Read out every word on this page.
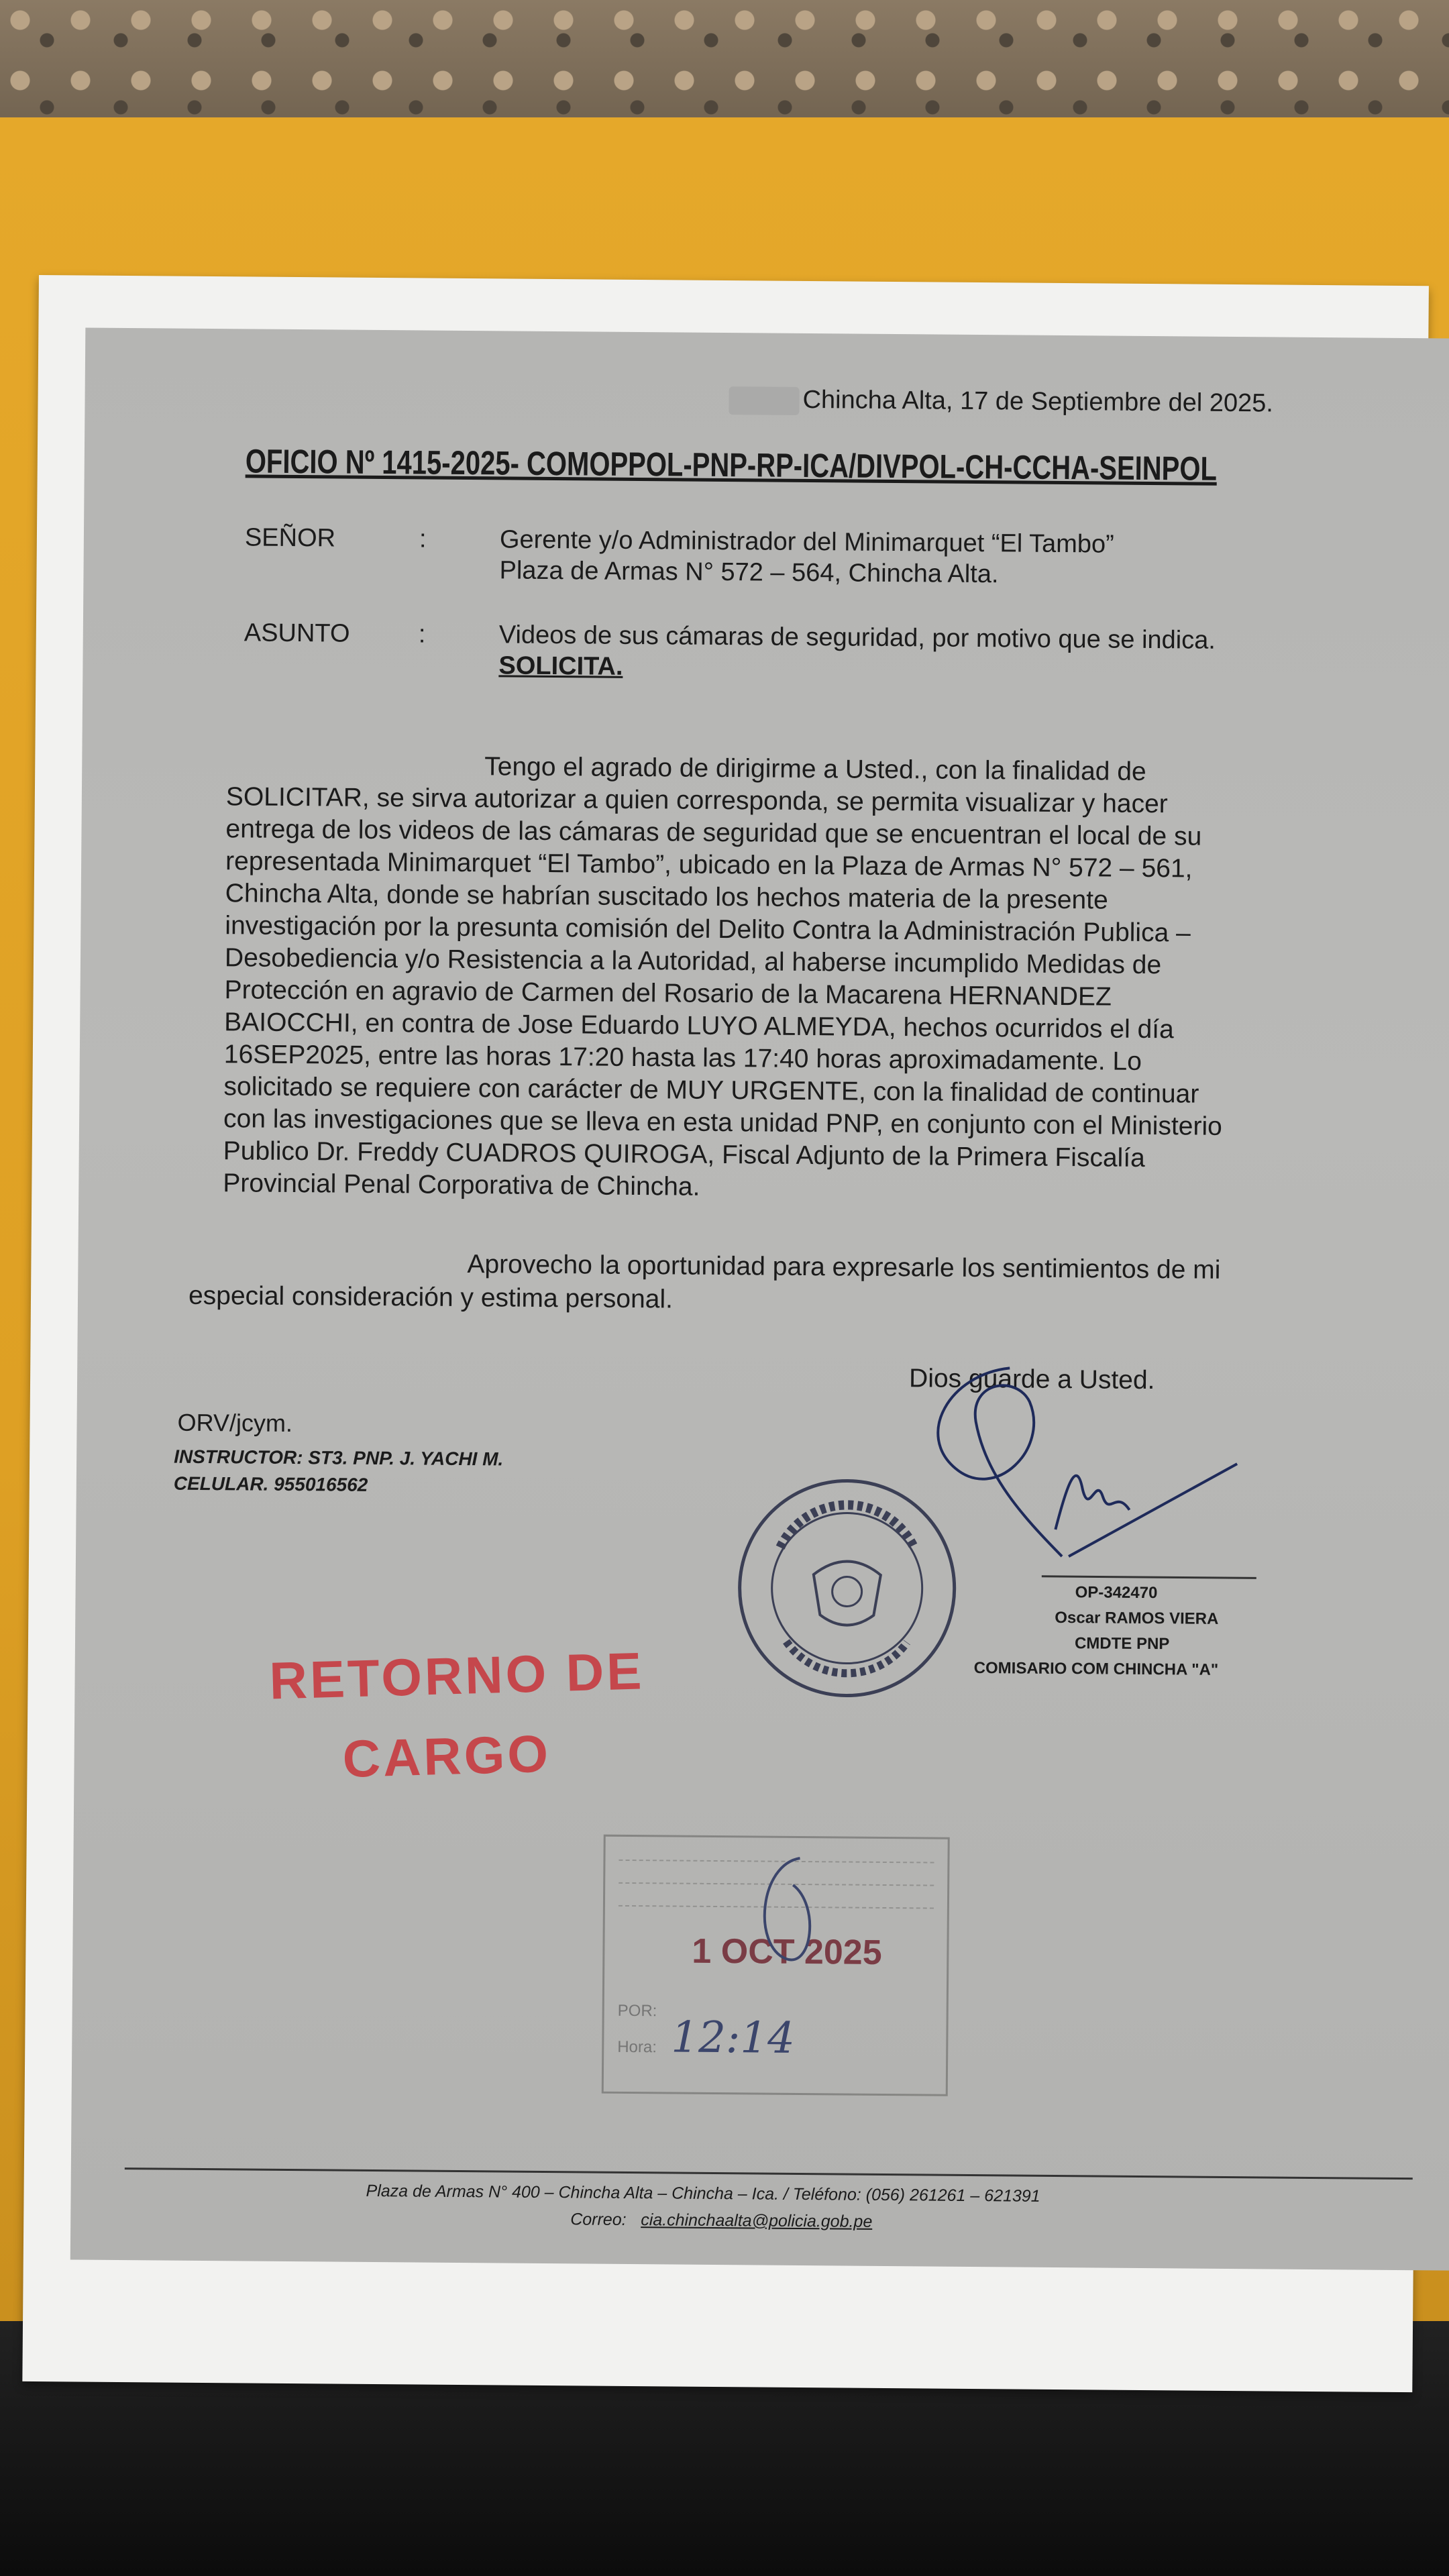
Chincha Alta, 17 de Septiembre del 2025.
OFICIO Nº 1415-2025- COMOPPOL-PNP-RP-ICA/DIVPOL-CH-CCHA-SEINPOL
SEÑOR	:	Gerente y/o Administrador del Minimarquet “El Tambo”
Plaza de Armas N° 572 – 564, Chincha Alta.
ASUNTO	:	Videos de sus cámaras de seguridad, por motivo que se indica.
SOLICITA.
Tengo el agrado de dirigirme a Usted., con la finalidad de
SOLICITAR, se sirva autorizar a quien corresponda, se permita visualizar y hacer
entrega de los videos de las cámaras de seguridad que se encuentran el local de su
representada Minimarquet “El Tambo”, ubicado en la Plaza de Armas N° 572 – 561,
Chincha Alta, donde se habrían suscitado los hechos materia de la presente
investigación por la presunta comisión del Delito Contra la Administración Publica –
Desobediencia y/o Resistencia a la Autoridad, al haberse incumplido Medidas de
Protección en agravio de Carmen del Rosario de la Macarena HERNANDEZ
BAIOCCHI, en contra de Jose Eduardo LUYO ALMEYDA, hechos ocurridos el día
16SEP2025, entre las horas 17:20 hasta las 17:40 horas aproximadamente. Lo
solicitado se requiere con carácter de MUY URGENTE, con la finalidad de continuar
con las investigaciones que se lleva en esta unidad PNP, en conjunto con el Ministerio
Publico Dr. Freddy CUADROS QUIROGA, Fiscal Adjunto de la Primera Fiscalía
Provincial Penal Corporativa de Chincha.
Aprovecho la oportunidad para expresarle los sentimientos de mi
especial consideración y estima personal.
Dios guarde a Usted.
ORV/jcym.
INSTRUCTOR: ST3. PNP. J. YACHI M.
CELULAR. 955016562
OP-342470
Oscar RAMOS VIERA
CMDTE PNP
COMISARIO COM CHINCHA "A"
RETORNO DE
CARGO
1 OCT 2025
POR:
Hora: 12:14
Plaza de Armas N° 400 – Chincha Alta – Chincha – Ica. / Teléfono: (056) 261261 – 621391
Correo: cia.chinchaalta@policia.gob.pe
